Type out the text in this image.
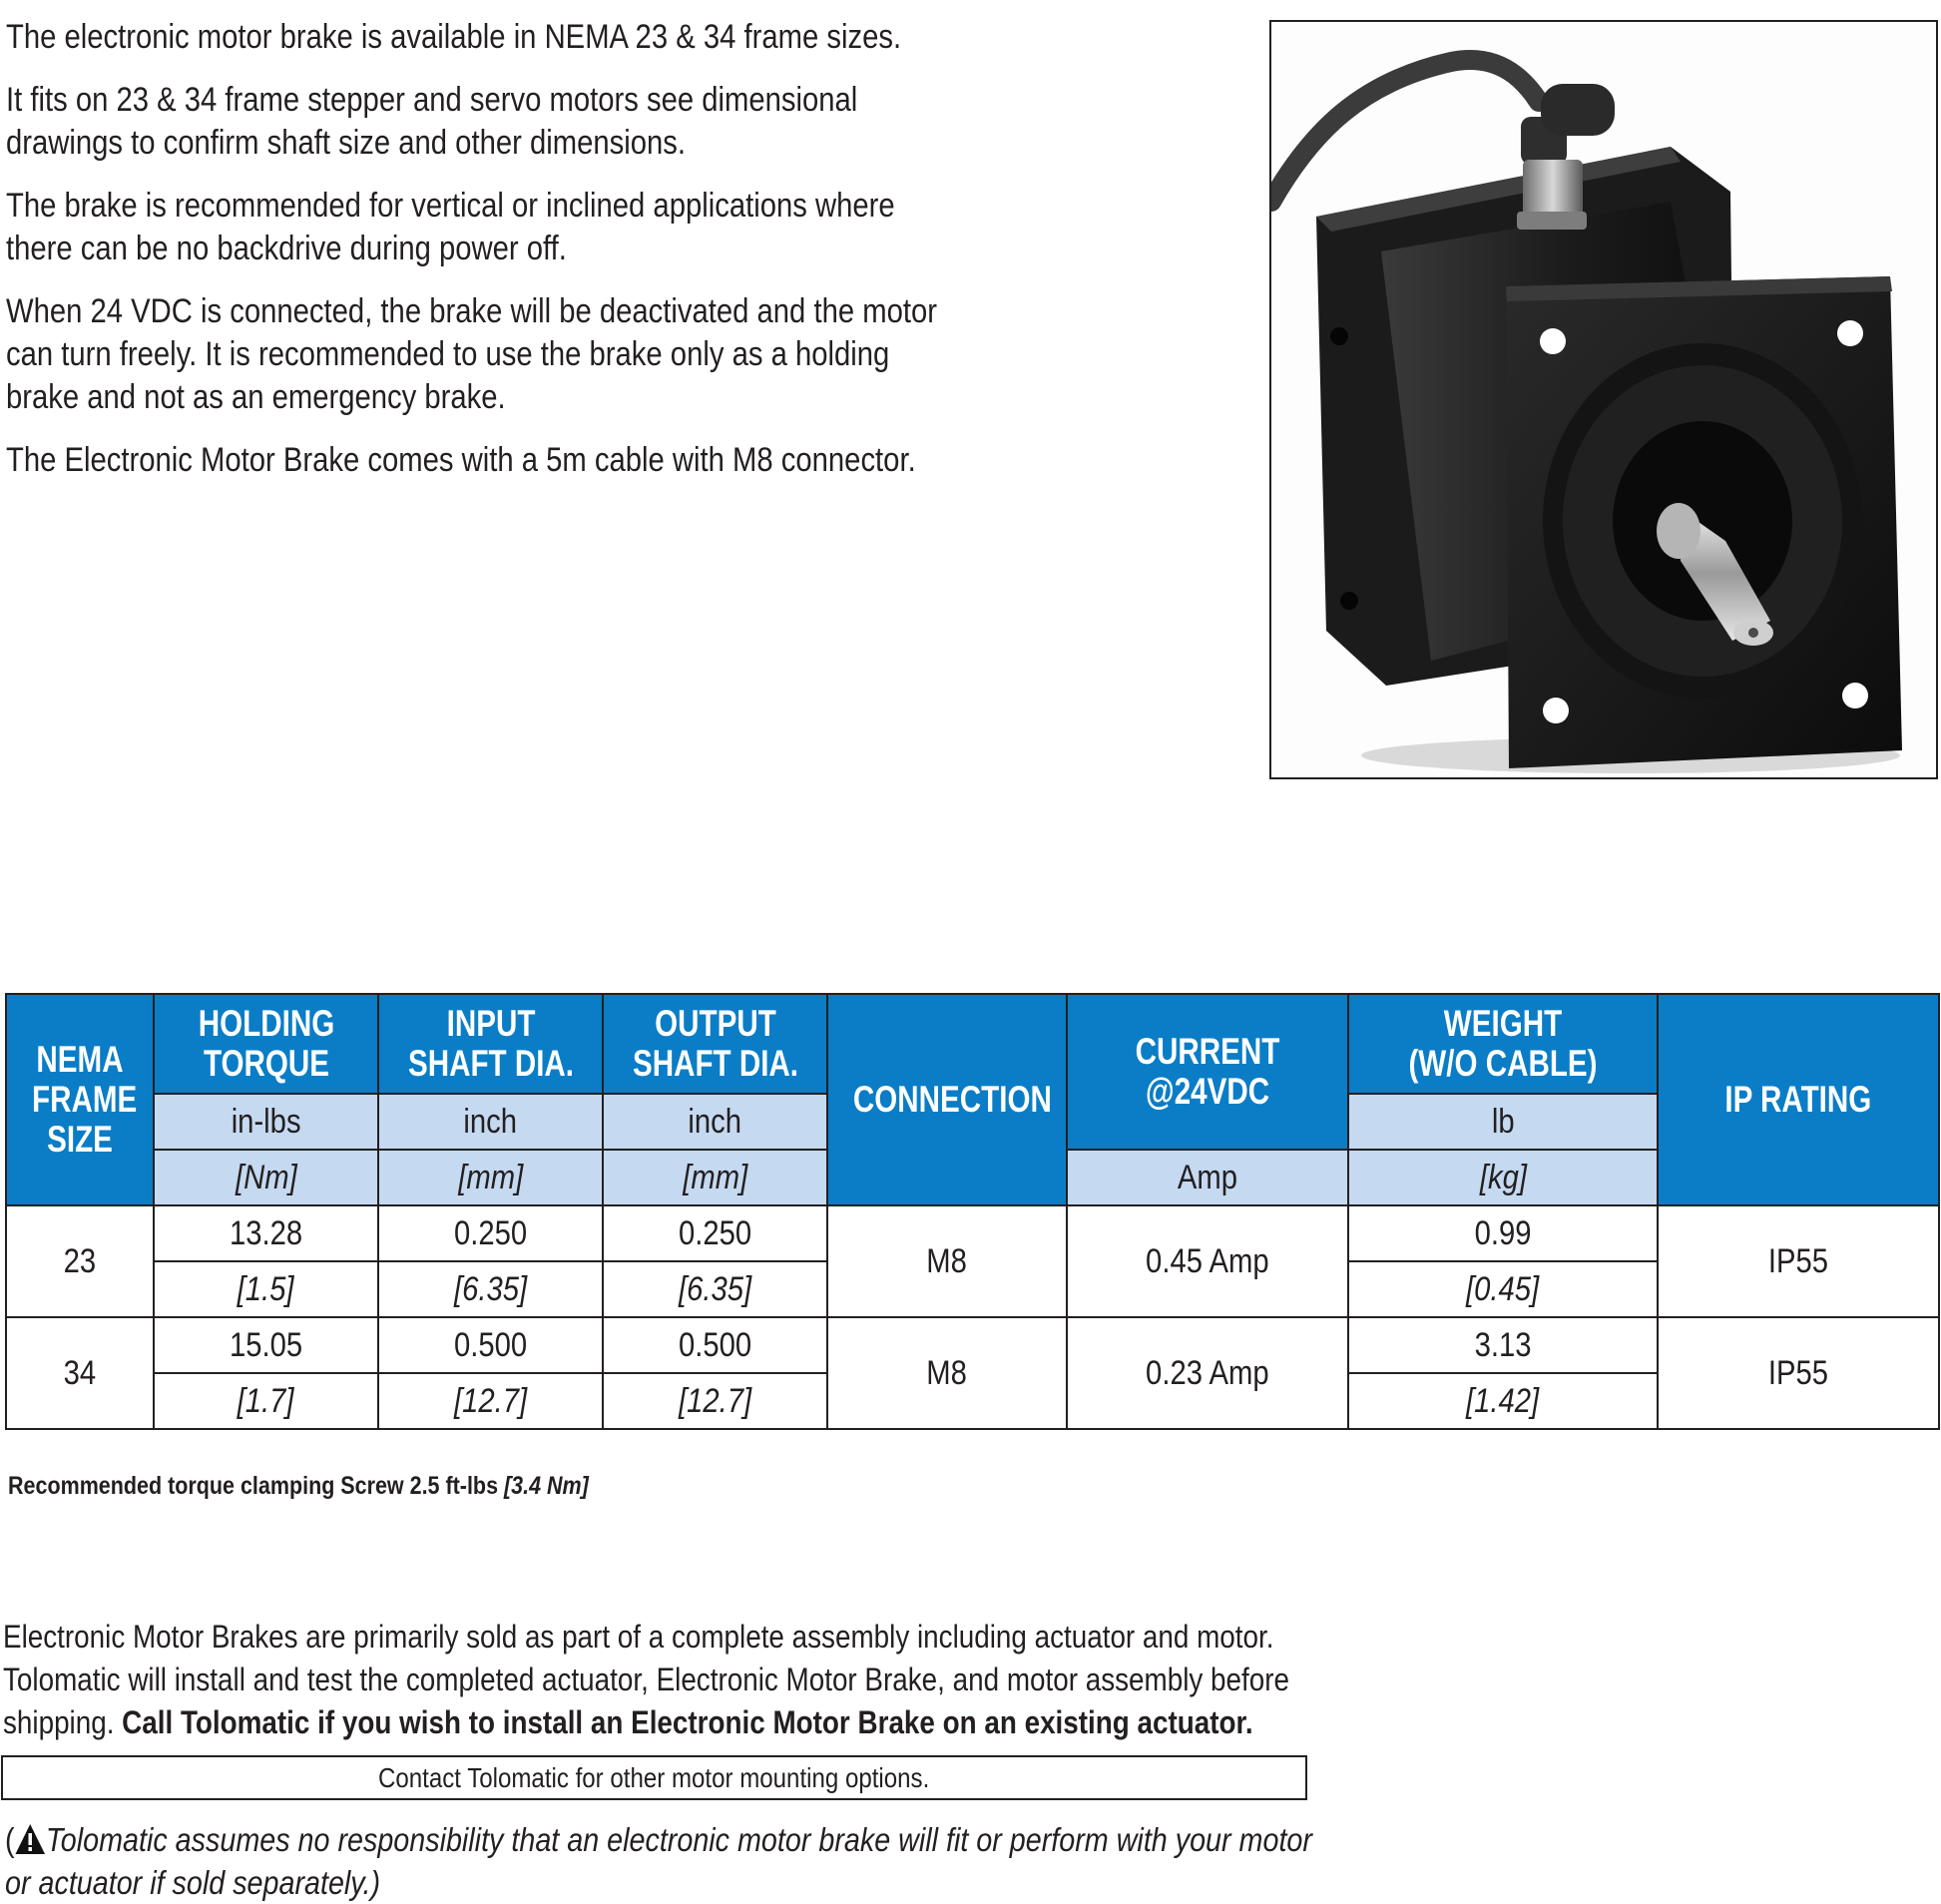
The electronic motor brake is available in NEMA 23 & 34 frame sizes.

It fits on 23 & 34 frame stepper and servo motors see dimensional drawings to confirm shaft size and other dimensions.

The brake is recommended for vertical or inclined applications where there can be no backdrive during power off.

When 24 VDC is connected, the brake will be deactivated and the motor can turn freely. It is recommended to use the brake only as a holding brake and not as an emergency brake.

The Electronic Motor Brake comes with a 5m cable with M8 connector.

NEMA FRAME SIZE	HOLDING TORQUE	INPUT SHAFT DIA.	OUTPUT SHAFT DIA.	CONNECTION	CURRENT @24VDC	WEIGHT (W/O CABLE)	IP RATING
	in-lbs	inch	inch			lb	
	[Nm]	[mm]	[mm]		Amp	[kg]	
23	13.28	0.250	0.250	M8	0.45 Amp	0.99	IP55
	[1.5]	[6.35]	[6.35]			[0.45]	
34	15.05	0.500	0.500	M8	0.23 Amp	3.13	IP55
	[1.7]	[12.7]	[12.7]			[1.42]	
Recommended torque clamping Screw 2.5 ft-lbs [3.4 Nm]
Electronic Motor Brakes are primarily sold as part of a complete assembly including actuator and motor. Tolomatic will install and test the completed actuator, Electronic Motor Brake, and motor assembly before shipping. Call Tolomatic if you wish to install an Electronic Motor Brake on an existing actuator.
Contact Tolomatic for other motor mounting options.
( Tolomatic assumes no responsibility that an electronic motor brake will fit or perform with your motor or actuator if sold separately.)
